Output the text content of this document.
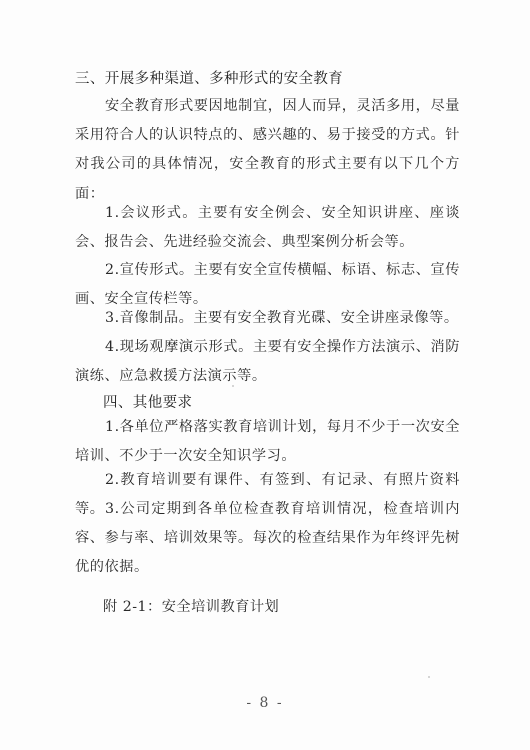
三、开展多种渠道、多种形式的安全教育

安全教育形式要因地制宜，因人而异，灵活多用，尽量采用符合人的认识特点的、感兴趣的、易于接受的方式。针对我公司的具体情况，安全教育的形式主要有以下几个方面：

1.会议形式。主要有安全例会、安全知识讲座、座谈会、报告会、先进经验交流会、典型案例分析会等。

2.宣传形式。主要有安全宣传横幅、标语、标志、宣传画、安全宣传栏等。

3.音像制品。主要有安全教育光碟、安全讲座录像等。

4.现场观摩演示形式。主要有安全操作方法演示、消防演练、应急救援方法演示等。

四、其他要求

1.各单位严格落实教育培训计划，每月不少于一次安全培训、不少于一次安全知识学习。

2.教育培训要有课件、有签到、有记录、有照片资料等。 3.公司定期到各单位检查教育培训情况，检查培训内容、参与率、培训效果等。每次的检查结果作为年终评先树优的依据。

附 2-1：安全培训教育计划
- 8 -
